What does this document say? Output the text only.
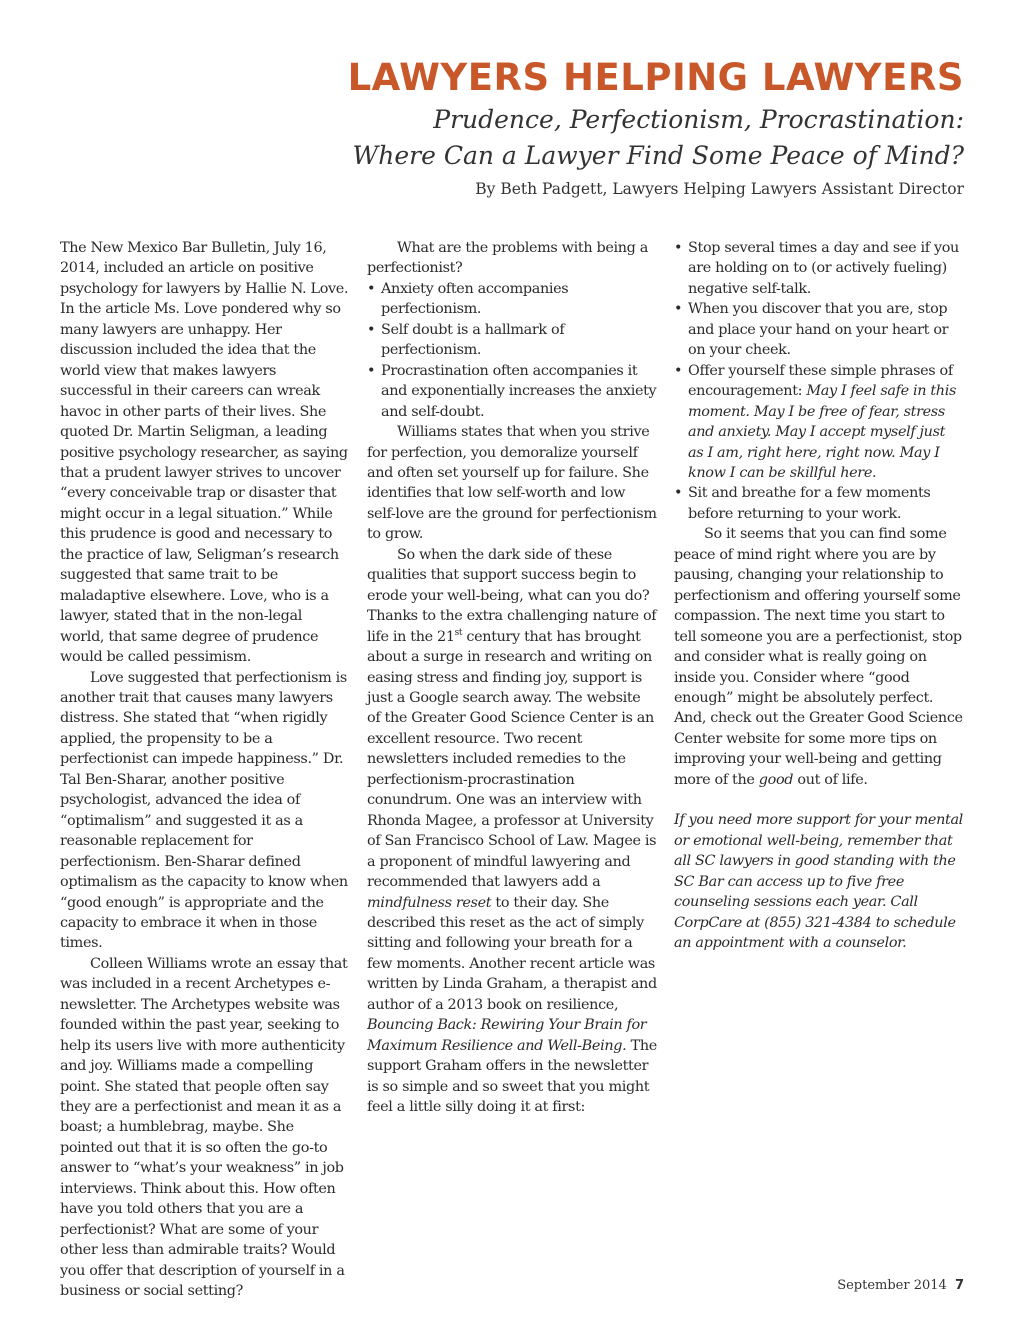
LAWYERS HELPING LAWYERS
Prudence, Perfectionism, Procrastination:
Where Can a Lawyer Find Some Peace of Mind?
By Beth Padgett, Lawyers Helping Lawyers Assistant Director

The New Mexico Bar Bulletin, July 16, 2014, included an article on positive psychology for lawyers by Hallie N. Love. In the article Ms. Love pondered why so many lawyers are unhappy. Her discussion included the idea that the world view that makes lawyers successful in their careers can wreak havoc in other parts of their lives. She quoted Dr. Martin Seligman, a leading positive psychology researcher, as saying that a prudent lawyer strives to uncover “every conceivable trap or disaster that might occur in a legal situation.” While this prudence is good and necessary to the practice of law, Seligman’s research suggested that same trait to be maladaptive elsewhere. Love, who is a lawyer, stated that in the non-legal world, that same degree of prudence would be called pessimism.

Love suggested that perfectionism is another trait that causes many lawyers distress. She stated that “when rigidly applied, the propensity to be a perfectionist can impede happiness.” Dr. Tal Ben-Sharar, another positive psychologist, advanced the idea of “optimalism” and suggested it as a reasonable replacement for perfectionism. Ben-Sharar defined optimalism as the capacity to know when “good enough” is appropriate and the capacity to embrace it when in those times.

Colleen Williams wrote an essay that was included in a recent Archetypes e-newsletter. The Archetypes website was founded within the past year, seeking to help its users live with more authenticity and joy. Williams made a compelling point. She stated that people often say they are a perfectionist and mean it as a boast; a humblebrag, maybe. She pointed out that it is so often the go-to answer to “what’s your weakness” in job interviews. Think about this. How often have you told others that you are a perfectionist? What are some of your other less than admirable traits? Would you offer that description of yourself in a business or social setting?

What are the problems with being a perfectionist?

• Anxiety often accompanies perfectionism.

• Self doubt is a hallmark of perfectionism.

• Procrastination often accompanies it and exponentially increases the anxiety and self-doubt.

Williams states that when you strive for perfection, you demoralize yourself and often set yourself up for failure. She identifies that low self-worth and low self-love are the ground for perfectionism to grow.

So when the dark side of these qualities that support success begin to erode your well-being, what can you do? Thanks to the extra challenging nature of life in the 21st century that has brought about a surge in research and writing on easing stress and finding joy, support is just a Google search away. The website of the Greater Good Science Center is an excellent resource. Two recent newsletters included remedies to the perfectionism-procrastination conundrum. One was an interview with Rhonda Magee, a professor at University of San Francisco School of Law. Magee is a proponent of mindful lawyering and recommended that lawyers add a mindfulness reset to their day. She described this reset as the act of simply sitting and following your breath for a few moments. Another recent article was written by Linda Graham, a therapist and author of a 2013 book on resilience, Bouncing Back: Rewiring Your Brain for Maximum Resilience and Well-Being. The support Graham offers in the newsletter is so simple and so sweet that you might feel a little silly doing it at first:

• Stop several times a day and see if you are holding on to (or actively fueling) negative self-talk.

• When you discover that you are, stop and place your hand on your heart or on your cheek.

• Offer yourself these simple phrases of encouragement: May I feel safe in this moment. May I be free of fear, stress and anxiety. May I accept myself just as I am, right here, right now. May I know I can be skillful here.

• Sit and breathe for a few moments before returning to your work.

So it seems that you can find some peace of mind right where you are by pausing, changing your relationship to perfectionism and offering yourself some compassion. The next time you start to tell someone you are a perfectionist, stop and consider what is really going on inside you. Consider where “good enough” might be absolutely perfect. And, check out the Greater Good Science Center website for some more tips on improving your well-being and getting more of the good out of life.

If you need more support for your mental or emotional well-being, remember that all SC lawyers in good standing with the SC Bar can access up to five free counseling sessions each year. Call CorpCare at (855) 321-4384 to schedule an appointment with a counselor.

September 2014 7
